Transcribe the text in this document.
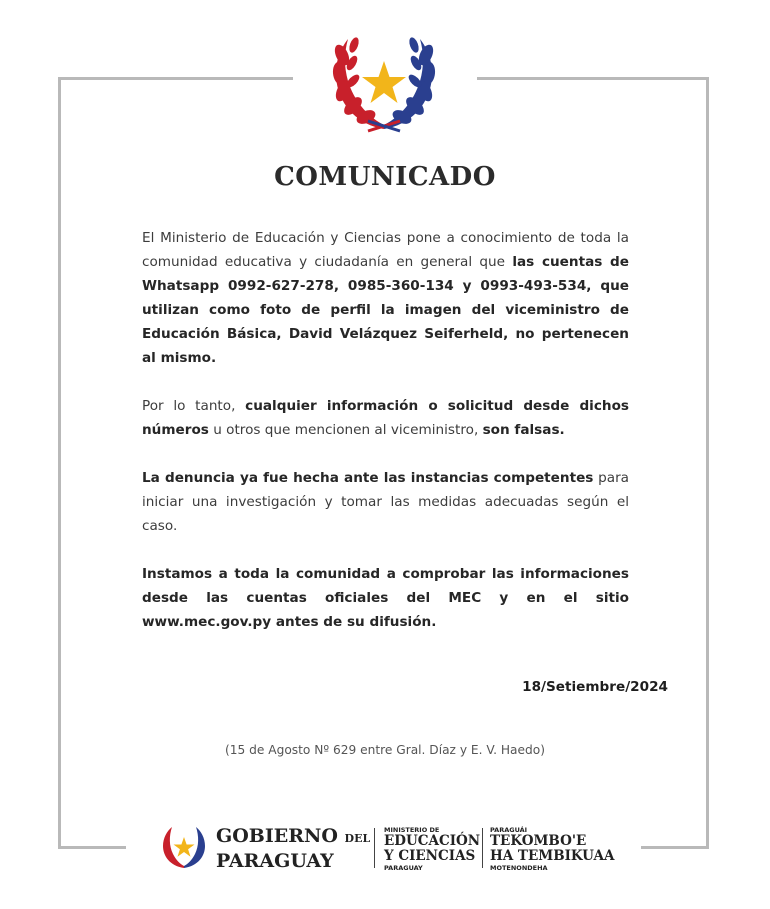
COMUNICADO

El Ministerio de Educación y Ciencias pone a conocimiento de toda la comunidad educativa y ciudadanía en general que las cuentas de Whatsapp 0992-627-278, 0985-360-134 y 0993-493-534, que utilizan como foto de perfil la imagen del viceministro de Educación Básica, David Velázquez Seiferheld, no pertenecen al mismo.

Por lo tanto, cualquier información o solicitud desde dichos números u otros que mencionen al viceministro, son falsas.

La denuncia ya fue hecha ante las instancias competentes para iniciar una investigación y tomar las medidas adecuadas según el caso.

Instamos a toda la comunidad a comprobar las informaciones desde las cuentas oficiales del MEC y en el sitio www.mec.gov.py antes de su difusión.

18/Setiembre/2024
(15 de Agosto Nº 629 entre Gral. Díaz y E. V. Haedo)
GOBIERNO DEL
PARAGUAY
MINISTERIO DE
EDUCACIÓN
Y CIENCIAS
PARAGUAY
PARAGUÁI
TEKOMBO'E
HA TEMBIKUAA
MOTENONDEHA
